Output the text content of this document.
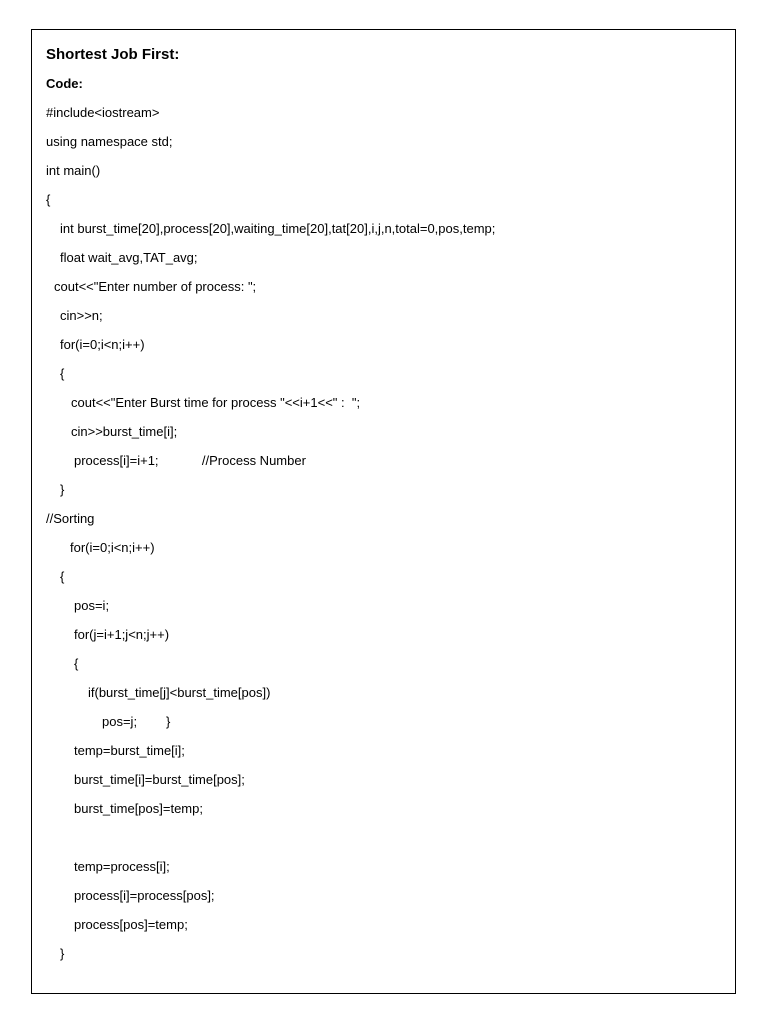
Shortest Job First:
Code:
#include<iostream>
using namespace std;
int main()
{
int burst_time[20],process[20],waiting_time[20],tat[20],i,j,n,total=0,pos,temp;
float wait_avg,TAT_avg;
cout<<"Enter number of process: ";
cin>>n;
for(i=0;i<n;i++)
{
cout<<"Enter Burst time for process "<<i+1<<" :  ";
cin>>burst_time[i];
process[i]=i+1;            //Process Number
}
//Sorting
for(i=0;i<n;i++)
{
pos=i;
for(j=i+1;j<n;j++)
{
if(burst_time[j]<burst_time[pos])
pos=j;        }
temp=burst_time[i];
burst_time[i]=burst_time[pos];
burst_time[pos]=temp;
temp=process[i];
process[i]=process[pos];
process[pos]=temp;
}
